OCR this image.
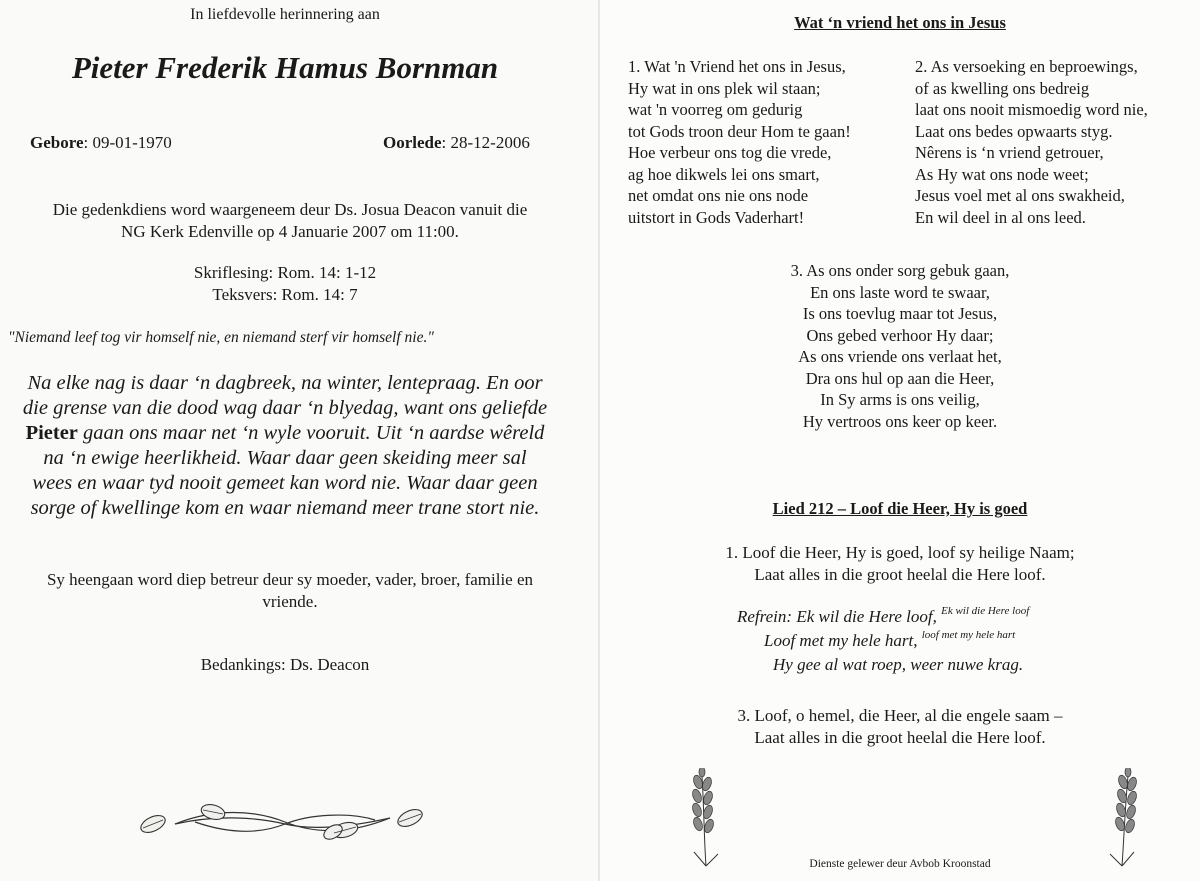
In liefdevolle herinnering aan
Pieter Frederik Hamus Bornman
Gebore: 09-01-1970	Oorlede: 28-12-2006
Die gedenkdiens word waargeneem deur Ds. Josua Deacon vanuit die
NG Kerk Edenville op 4 Januarie 2007 om 11:00.
Skriflesing: Rom. 14: 1-12
Teksvers: Rom. 14: 7
"Niemand leef tog vir homself nie, en niemand sterf vir homself nie."
Na elke nag is daar ‘n dagbreek, na winter, lentepraag. En oor
die grense van die dood wag daar ‘n blyedag, want ons geliefde
Pieter gaan ons maar net ‘n wyle vooruit. Uit ‘n aardse wêreld
na ‘n ewige heerlikheid. Waar daar geen skeiding meer sal
wees en waar tyd nooit gemeet kan word nie. Waar daar geen
sorge of kwellinge kom en waar niemand meer trane stort nie.
Sy heengaan word diep betreur deur sy moeder, vader, broer, familie en
vriende.
Bedankings: Ds. Deacon
Wat ‘n vriend het ons in Jesus
1. Wat 'n Vriend het ons in Jesus,
Hy wat in ons plek wil staan;
wat 'n voorreg om gedurig
tot Gods troon deur Hom te gaan!
Hoe verbeur ons tog die vrede,
ag hoe dikwels lei ons smart,
net omdat ons nie ons node
uitstort in Gods Vaderhart!
2. As versoeking en beproewings,
of as kwelling ons bedreig
laat ons nooit mismoedig word nie,
Laat ons bedes opwaarts styg.
Nêrens is ‘n vriend getrouer,
As Hy wat ons node weet;
Jesus voel met al ons swakheid,
En wil deel in al ons leed.
3. As ons onder sorg gebuk gaan,
En ons laste word te swaar,
Is ons toevlug maar tot Jesus,
Ons gebed verhoor Hy daar;
As ons vriende ons verlaat het,
Dra ons hul op aan die Heer,
In Sy arms is ons veilig,
Hy vertroos ons keer op keer.
Lied 212 – Loof die Heer, Hy is goed
1. Loof die Heer, Hy is goed, loof sy heilige Naam;
Laat alles in die groot heelal die Here loof.
Refrein: Ek wil die Here loof, $^{Ek wil die Here loof}$
Loof met my hele hart, $^{loof met my hele hart}$
Hy gee al wat roep, weer nuwe krag.
3. Loof, o hemel, die Heer, al die engele saam –
Laat alles in die groot heelal die Here loof.
Dienste gelewer deur Avbob Kroonstad
